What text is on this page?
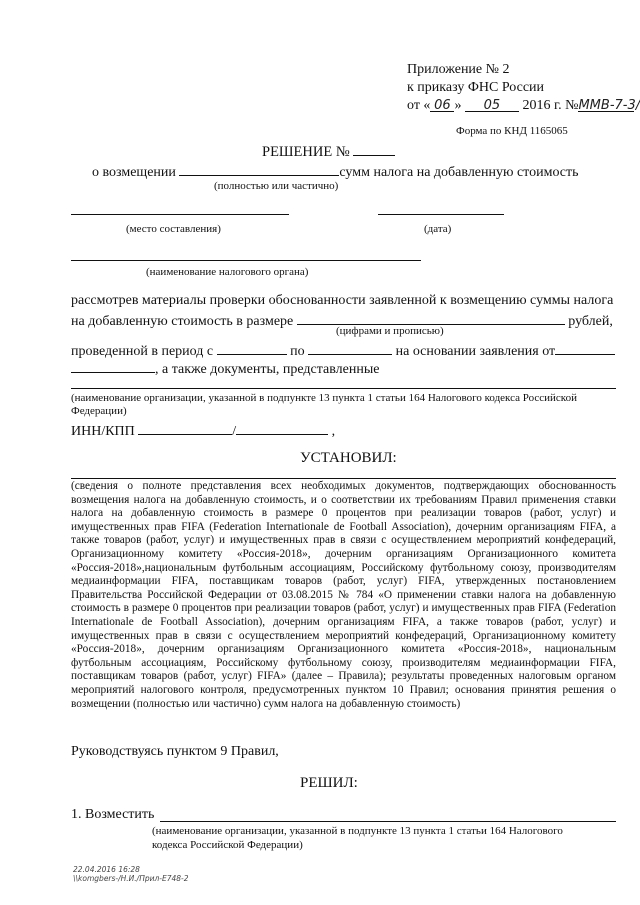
Приложение № 2
к приказу ФНС России
от « 06 » 05 2016 г. №ММВ-7-3/
Форма по КНД 1165065
РЕШЕНИЕ №
о возмещении	сумм налога на добавленную стоимость
(полностью или частично)
(место составления)	(дата)
(наименование налогового органа)
рассмотрев материалы проверки обоснованности заявленной к возмещению суммы налога
на добавленную стоимость в размере	рублей,
(цифрами и прописью)
проведенной в период с	по	на основании заявления от
, а также документы, представленные
(наименование организации, указанной в подпункте 13 пункта 1 статьи 164 Налогового кодекса Российской Федерации)
ИНН/КПП	/	,
УСТАНОВИЛ:
(сведения о полноте представления всех необходимых документов, подтверждающих обоснованность возмещения налога на добавленную стоимость, и о соответствии их требованиям Правил применения ставки налога на добавленную стоимость в размере 0 процентов при реализации товаров (работ, услуг) и имущественных прав FIFA (Federation Internationale de Football Association), дочерним организациям FIFA, а также товаров (работ, услуг) и имущественных прав в связи с осуществлением мероприятий конфедераций, Организационному комитету «Россия-2018», дочерним организациям Организационного комитета «Россия-2018»,национальным футбольным ассоциациям, Российскому футбольному союзу, производителям медиаинформации FIFA, поставщикам товаров (работ, услуг) FIFA, утвержденных постановлением Правительства Российской Федерации от 03.08.2015 № 784 «О применении ставки налога на добавленную стоимость в размере 0 процентов при реализации товаров (работ, услуг) и имущественных прав FIFA (Federation Internationale de Football Association), дочерним организациям FIFA, а также товаров (работ, услуг) и имущественных прав в связи с осуществлением мероприятий конфедераций, Организационному комитету «Россия-2018», дочерним организациям Организационного комитета «Россия-2018», национальным футбольным ассоциациям, Российскому футбольному союзу, производителям медиаинформации FIFA, поставщикам товаров (работ, услуг) FIFA» (далее – Правила); результаты проведенных налоговым органом мероприятий налогового контроля, предусмотренных пунктом 10 Правил; основания принятия решения о возмещении (полностью или частично) сумм налога на добавленную стоимость)
Руководствуясь пунктом 9 Правил,
РЕШИЛ:
1. Возместить
(наименование организации, указанной в подпункте 13 пункта 1 статьи 164 Налогового
кодекса Российской Федерации)
22.04.2016 16:28
\\komgbers-/Н.И./Прил-Е748-2
